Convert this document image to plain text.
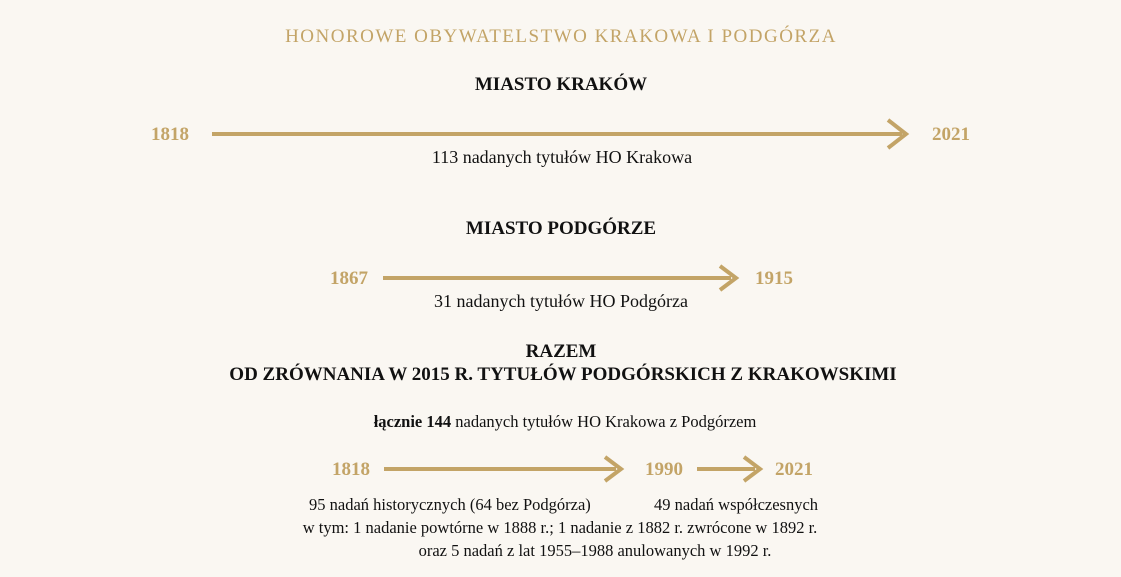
HONOROWE OBYWATELSTWO KRAKOWA I PODGÓRZA
MIASTO KRAKÓW
1818	2021
113 nadanych tytułów HO Krakowa
MIASTO PODGÓRZE
1867	1915
31 nadanych tytułów HO Podgórza
RAZEM
OD ZRÓWNANIA W 2015 R. TYTUŁÓW PODGÓRSKICH Z KRAKOWSKIMI
łącznie 144 nadanych tytułów HO Krakowa z Podgórzem
1818	1990	2021
95 nadań historycznych (64 bez Podgórza)	49 nadań współczesnych
w tym: 1 nadanie powtórne w 1888 r.; 1 nadanie z 1882 r. zwrócone w 1892 r.
oraz 5 nadań z lat 1955–1988 anulowanych w 1992 r.
